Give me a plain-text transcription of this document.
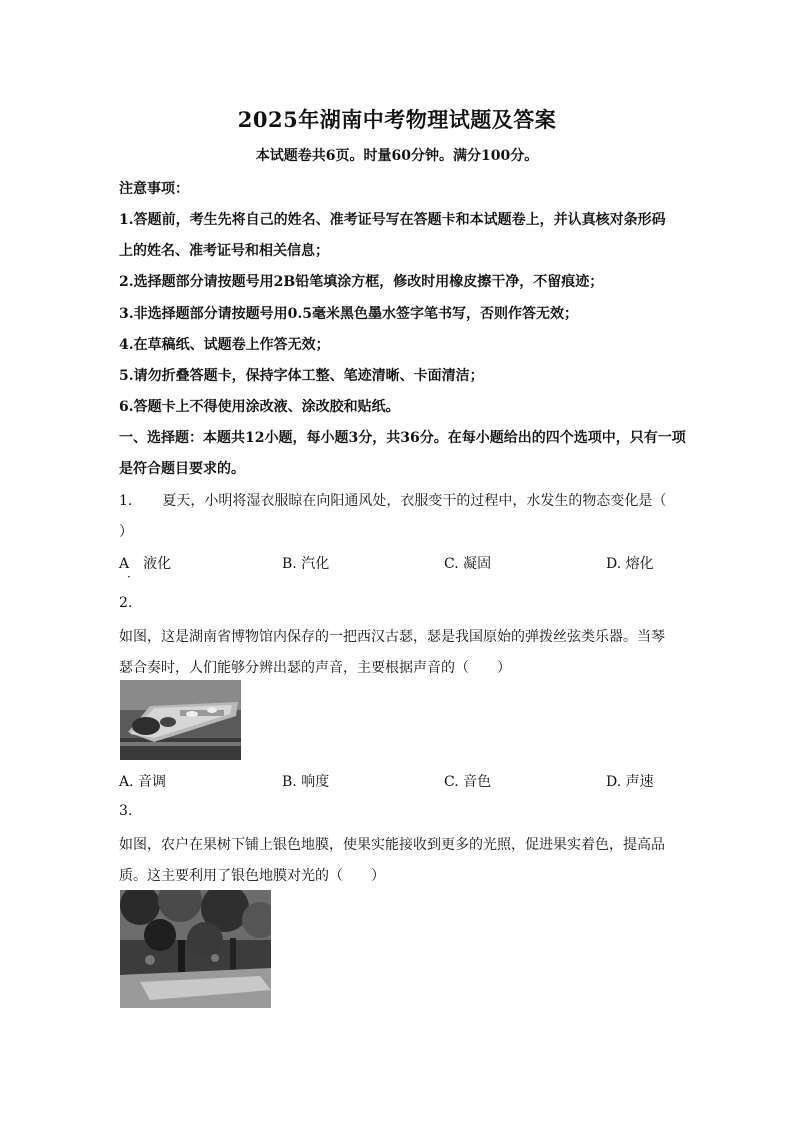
2025年湖南中考物理试题及答案
本试题卷共6页。时量60分钟。满分100分。
注意事项：
1.答题前，考生先将自己的姓名、准考证号写在答题卡和本试题卷上，并认真核对条形码
上的姓名、准考证号和相关信息；
2.选择题部分请按题号用2B铅笔填涂方框，修改时用橡皮擦干净，不留痕迹；
3.非选择题部分请按题号用0.5毫米黑色墨水签字笔书写，否则作答无效；
4.在草稿纸、试题卷上作答无效；
5.请勿折叠答题卡，保持字体工整、笔迹清晰、卡面清洁；
6.答题卡上不得使用涂改液、涂改胶和贴纸。
一、选择题：本题共12小题，每小题3分，共36分。在每小题给出的四个选项中，只有一项
是符合题目要求的。
1. 夏天，小明将湿衣服晾在向阳通风处，衣服变干的过程中，水发生的物态变化是（
）
A　液化	B. 汽化	C. 凝固	D. 熔化
·
2.
如图，这是湖南省博物馆内保存的一把西汉古瑟，瑟是我国原始的弹拨丝弦类乐器。当琴
瑟合奏时，人们能够分辨出瑟的声音，主要根据声音的（　　）
A. 音调	B. 响度	C. 音色	D. 声速
3.
如图，农户在果树下铺上银色地膜，使果实能接收到更多的光照，促进果实着色，提高品
质。这主要利用了银色地膜对光的（　　）
